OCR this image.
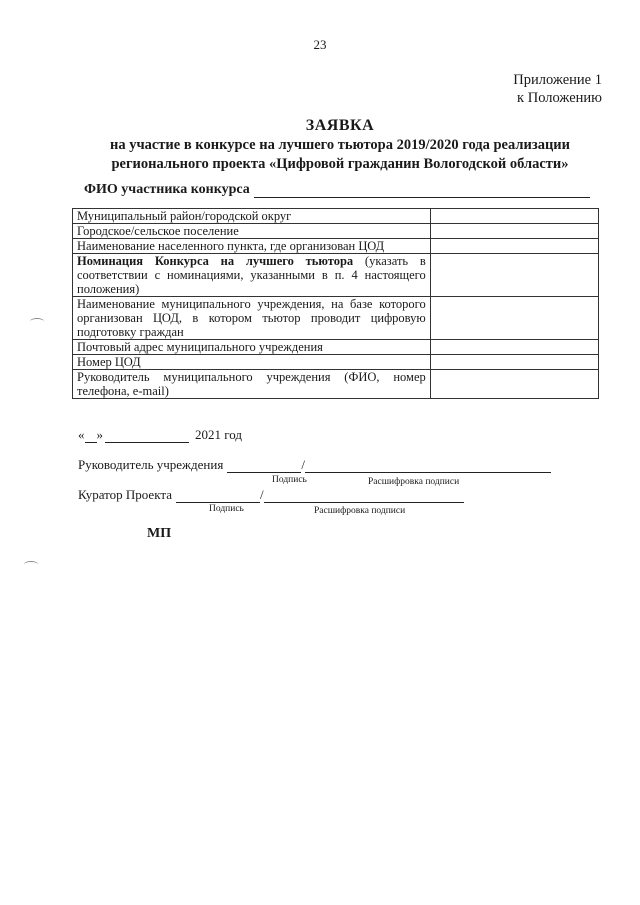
23
Приложение 1
к Положению
ЗАЯВКА
на участие в конкурсе на лучшего тьютора 2019/2020 года реализации
регионального проекта «Цифровой гражданин Вологодской области»
ФИО участника конкурса
Муниципальный район/городской округ	
Городское/сельское поселение	
Наименование населенного пункта, где организован ЦОД	
Номинация Конкурса на лучшего тьютора (указать в соответствии с номинациями, указанными в п. 4 настоящего положения)	
Наименование муниципального учреждения, на базе которого организован ЦОД, в котором тьютор проводит цифровую подготовку граждан	
Почтовый адрес муниципального учреждения	
Номер ЦОД	
Руководитель муниципального учреждения (ФИО, номер телефона, e-mail)	
« »	2021 год
Руководитель учреждения	/
Подпись	Расшифровка подписи
Куратор Проекта	/
Подпись	Расшифровка подписи
МП
